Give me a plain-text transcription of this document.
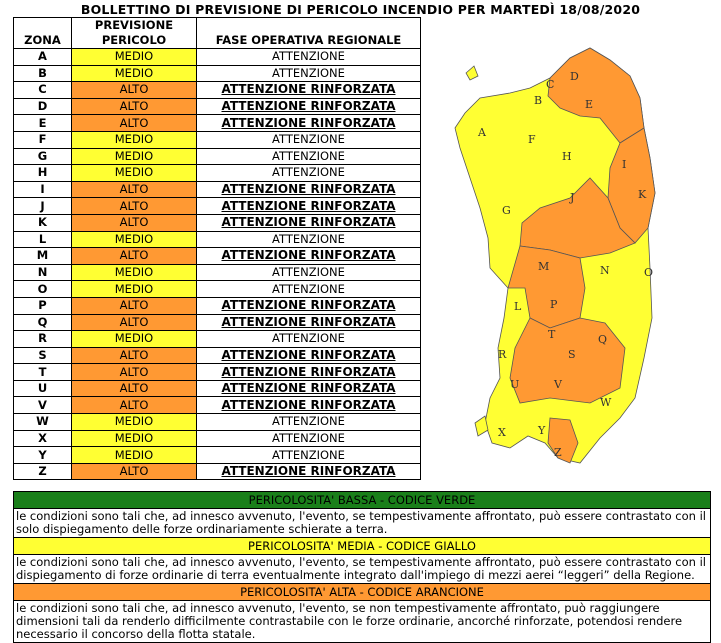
BOLLETTINO DI PREVISIONE DI PERICOLO INCENDIO PER MARTEDÌ 18/08/2020
ZONA	PREVISIONE PERICOLO	FASE OPERATIVA REGIONALE
A	MEDIO	ATTENZIONE
B	MEDIO	ATTENZIONE
C	ALTO	ATTENZIONE RINFORZATA
D	ALTO	ATTENZIONE RINFORZATA
E	ALTO	ATTENZIONE RINFORZATA
F	MEDIO	ATTENZIONE
G	MEDIO	ATTENZIONE
H	MEDIO	ATTENZIONE
I	ALTO	ATTENZIONE RINFORZATA
J	ALTO	ATTENZIONE RINFORZATA
K	ALTO	ATTENZIONE RINFORZATA
L	MEDIO	ATTENZIONE
M	ALTO	ATTENZIONE RINFORZATA
N	MEDIO	ATTENZIONE
O	MEDIO	ATTENZIONE
P	ALTO	ATTENZIONE RINFORZATA
Q	ALTO	ATTENZIONE RINFORZATA
R	MEDIO	ATTENZIONE
S	ALTO	ATTENZIONE RINFORZATA
T	ALTO	ATTENZIONE RINFORZATA
U	ALTO	ATTENZIONE RINFORZATA
V	ALTO	ATTENZIONE RINFORZATA
W	MEDIO	ATTENZIONE
X	MEDIO	ATTENZIONE
Y	MEDIO	ATTENZIONE
Z	ALTO	ATTENZIONE RINFORZATA
A
B
C
D
E
F
G
H
I
J	K
L
M	N	O
P
Q
R	S
T
U	V
W
X	Y
Z
PERICOLOSITA' BASSA - CODICE VERDE
le condizioni sono tali che, ad innesco avvenuto, l'evento, se tempestivamente affrontato, può essere contrastato con il solo dispiegamento delle forze ordinariamente schierate a terra.
PERICOLOSITA' MEDIA - CODICE GIALLO
le condizioni sono tali che, ad innesco avvenuto, l'evento, se tempestivamente affrontato, può essere contrastato con il dispiegamento di forze ordinarie di terra eventualmente integrato dall'impiego di mezzi aerei “leggeri” della Regione.
PERICOLOSITA' ALTA - CODICE ARANCIONE
le condizioni sono tali che, ad innesco avvenuto, l'evento, se non tempestivamente affrontato, può raggiungere dimensioni tali da renderlo difficilmente contrastabile con le forze ordinarie, ancorché rinforzate, potendosi rendere necessario il concorso della flotta statale.
